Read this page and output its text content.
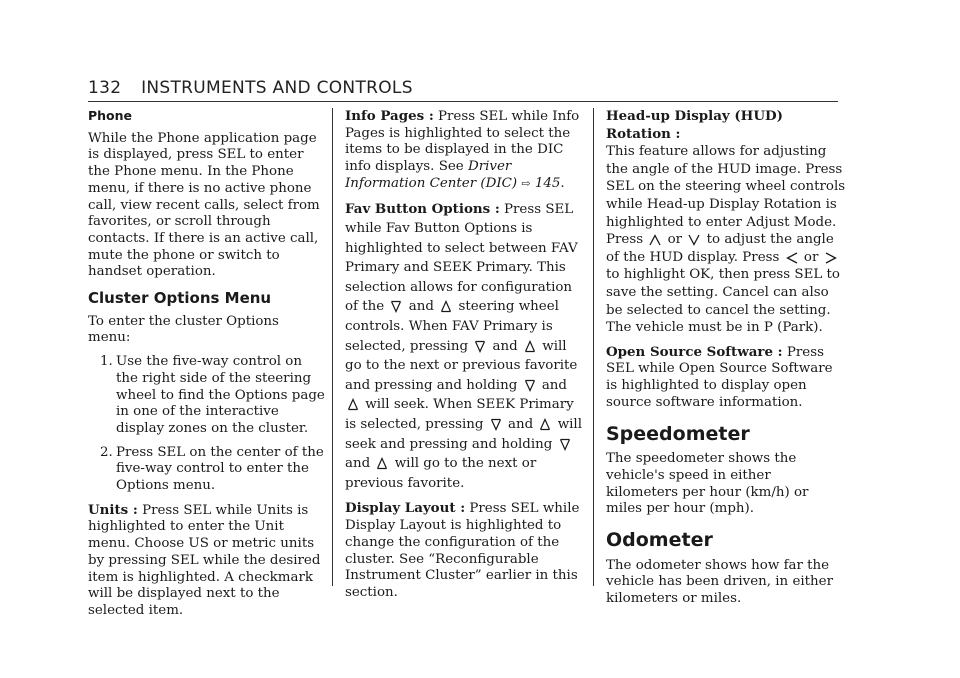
132 INSTRUMENTS AND CONTROLS
Phone

While the Phone application page is displayed, press SEL to enter the Phone menu. In the Phone menu, if there is no active phone call, view recent calls, select from favorites, or scroll through contacts. If there is an active call, mute the phone or switch to handset operation.

Cluster Options Menu

To enter the cluster Options menu:

1. Use the five-way control on the right side of the steering wheel to find the Options page in one of the interactive display zones on the cluster.
2. Press SEL on the center of the five-way control to enter the Options menu.

Units : Press SEL while Units is highlighted to enter the Unit menu. Choose US or metric units by pressing SEL while the desired item is highlighted. A checkmark will be displayed next to the selected item.

Info Pages : Press SEL while Info Pages is highlighted to select the items to be displayed in the DIC info displays. See Driver Information Center (DIC) ⇨ 145.

Fav Button Options : Press SEL while Fav Button Options is highlighted to select between FAV Primary and SEEK Primary. This selection allows for configuration of the and steering wheel controls. When FAV Primary is selected, pressing and will go to the next or previous favorite and pressing and holding and
will seek. When SEEK Primary is selected, pressing and will seek and pressing and holding
and will go to the next or previous favorite.

Display Layout : Press SEL while Display Layout is highlighted to change the configuration of the cluster. See “Reconfigurable Instrument Cluster” earlier in this section.

Head-up Display (HUD) Rotation :
This feature allows for adjusting the angle of the HUD image. Press SEL on the steering wheel controls while Head-up Display Rotation is highlighted to enter Adjust Mode. Press or to adjust the angle of the HUD display. Press or
to highlight OK, then press SEL to save the setting. Cancel can also be selected to cancel the setting. The vehicle must be in P (Park).

Open Source Software : Press SEL while Open Source Software is highlighted to display open source software information.

Speedometer

The speedometer shows the vehicle's speed in either kilometers per hour (km/h) or miles per hour (mph).

Odometer

The odometer shows how far the vehicle has been driven, in either kilometers or miles.
